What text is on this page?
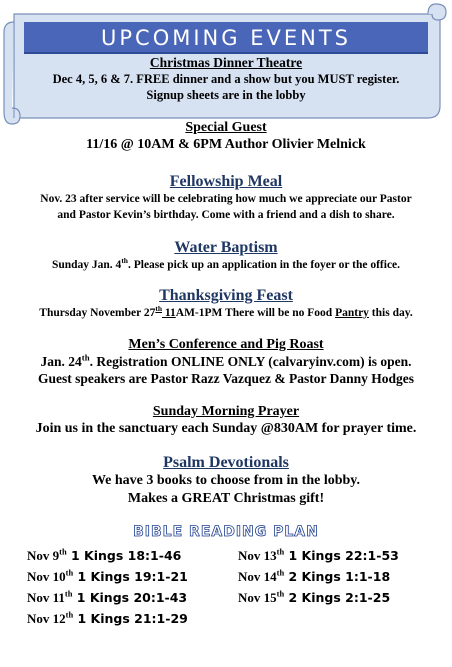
UPCOMING EVENTS
Christmas Dinner Theatre
Dec 4, 5, 6 & 7. FREE dinner and a show but you MUST register.
Signup sheets are in the lobby
Special Guest
11/16 @ 10AM & 6PM Author Olivier Melnick
Fellowship Meal
Nov. 23 after service will be celebrating how much we appreciate our Pastor
and Pastor Kevin’s birthday. Come with a friend and a dish to share.
Water Baptism
Sunday Jan. 4th. Please pick up an application in the foyer or the office.
Thanksgiving Feast
Thursday November 27th 11AM-1PM There will be no Food Pantry this day.
Men’s Conference and Pig Roast
Jan. 24th. Registration ONLINE ONLY (calvaryinv.com) is open.
Guest speakers are Pastor Razz Vazquez & Pastor Danny Hodges
Sunday Morning Prayer
Join us in the sanctuary each Sunday @830AM for prayer time.
Psalm Devotionals
We have 3 books to choose from in the lobby.
Makes a GREAT Christmas gift!
BIBLE READING PLAN
Nov 9th 1 Kings 18:1-46
Nov 10th 1 Kings 19:1-21
Nov 11th 1 Kings 20:1-43
Nov 12th 1 Kings 21:1-29
Nov 13th 1 Kings 22:1-53
Nov 14th 2 Kings 1:1-18
Nov 15th 2 Kings 2:1-25
